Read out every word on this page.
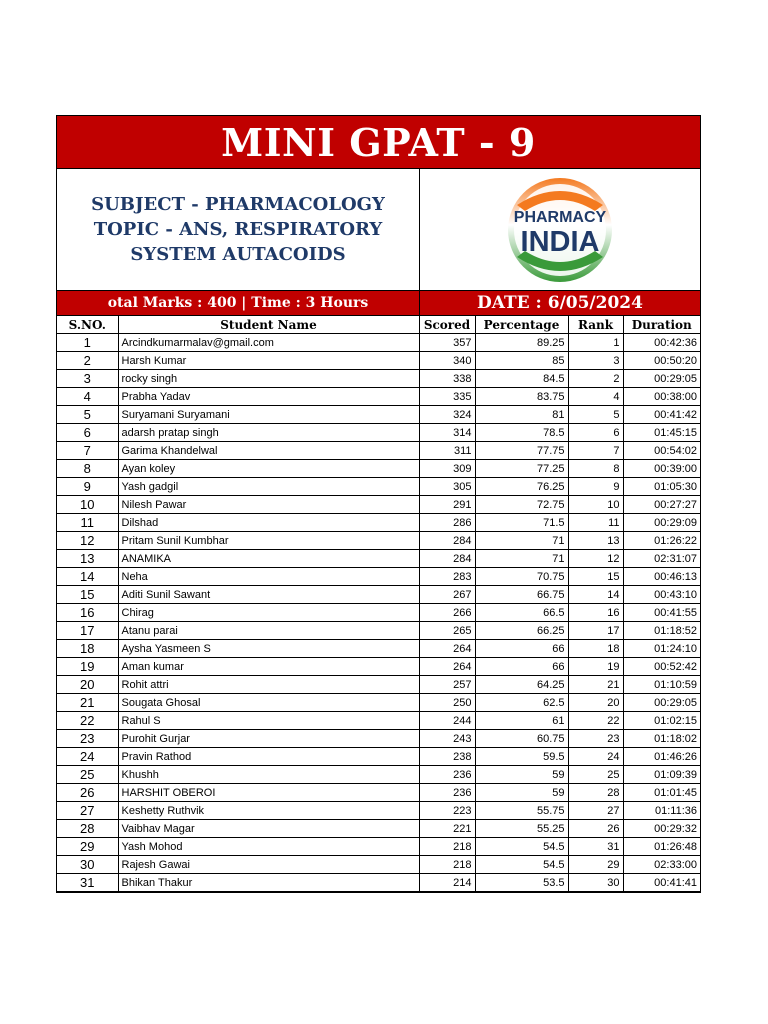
MINI GPAT - 9
SUBJECT - PHARMACOLOGY
TOPIC - ANS, RESPIRATORY
SYSTEM AUTACOIDS
PHARMACY
INDIA
otal Marks : 400 | Time : 3 Hours	DATE : 6/05/2024
S.NO.	Student Name	Scored	Percentage	Rank	Duration
1	Arcindkumarmalav@gmail.com	357	89.25	1	00:42:36
2	Harsh Kumar	340	85	3	00:50:20
3	rocky singh	338	84.5	2	00:29:05
4	Prabha Yadav	335	83.75	4	00:38:00
5	Suryamani Suryamani	324	81	5	00:41:42
6	adarsh pratap singh	314	78.5	6	01:45:15
7	Garima Khandelwal	311	77.75	7	00:54:02
8	Ayan koley	309	77.25	8	00:39:00
9	Yash gadgil	305	76.25	9	01:05:30
10	Nilesh Pawar	291	72.75	10	00:27:27
11	Dilshad	286	71.5	11	00:29:09
12	Pritam Sunil Kumbhar	284	71	13	01:26:22
13	ANAMIKA	284	71	12	02:31:07
14	Neha	283	70.75	15	00:46:13
15	Aditi Sunil Sawant	267	66.75	14	00:43:10
16	Chirag	266	66.5	16	00:41:55
17	Atanu parai	265	66.25	17	01:18:52
18	Aysha Yasmeen S	264	66	18	01:24:10
19	Aman kumar	264	66	19	00:52:42
20	Rohit attri	257	64.25	21	01:10:59
21	Sougata Ghosal	250	62.5	20	00:29:05
22	Rahul S	244	61	22	01:02:15
23	Purohit Gurjar	243	60.75	23	01:18:02
24	Pravin Rathod	238	59.5	24	01:46:26
25	Khushh	236	59	25	01:09:39
26	HARSHIT OBEROI	236	59	28	01:01:45
27	Keshetty Ruthvik	223	55.75	27	01:11:36
28	Vaibhav Magar	221	55.25	26	00:29:32
29	Yash Mohod	218	54.5	31	01:26:48
30	Rajesh Gawai	218	54.5	29	02:33:00
31	Bhikan Thakur	214	53.5	30	00:41:41
